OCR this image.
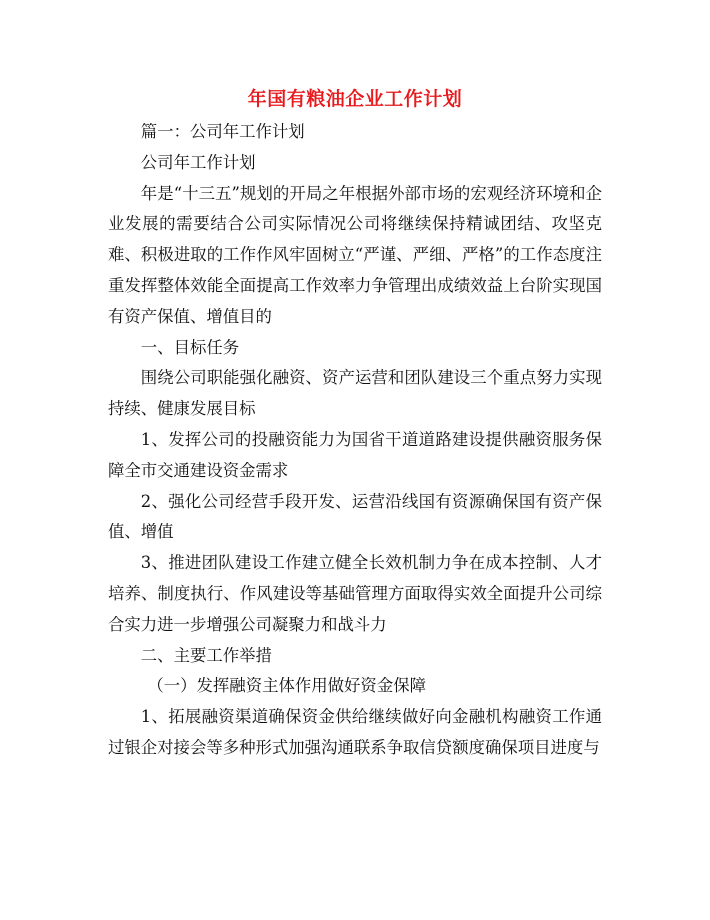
年国有粮油企业工作计划

篇一：公司年工作计划

公司年工作计划

年是“十三五”规划的开局之年根据外部市场的宏观经济环境和企业发展的需要结合公司实际情况公司将继续保持精诚团结、攻坚克难、积极进取的工作作风牢固树立“严谨、严细、严格”的工作态度注重发挥整体效能全面提高工作效率力争管理出成绩效益上台阶实现国有资产保值、增值目的

一、目标任务

围绕公司职能强化融资、资产运营和团队建设三个重点努力实现持续、健康发展目标

1、发挥公司的投融资能力为国省干道道路建设提供融资服务保障全市交通建设资金需求

2、强化公司经营手段开发、运营沿线国有资源确保国有资产保值、增值

3、推进团队建设工作建立健全长效机制力争在成本控制、人才培养、制度执行、作风建设等基础管理方面取得实效全面提升公司综合实力进一步增强公司凝聚力和战斗力

二、主要工作举措

（一）发挥融资主体作用做好资金保障

1、拓展融资渠道确保资金供给继续做好向金融机构融资工作通过银企对接会等多种形式加强沟通联系争取信贷额度确保项目进度与
